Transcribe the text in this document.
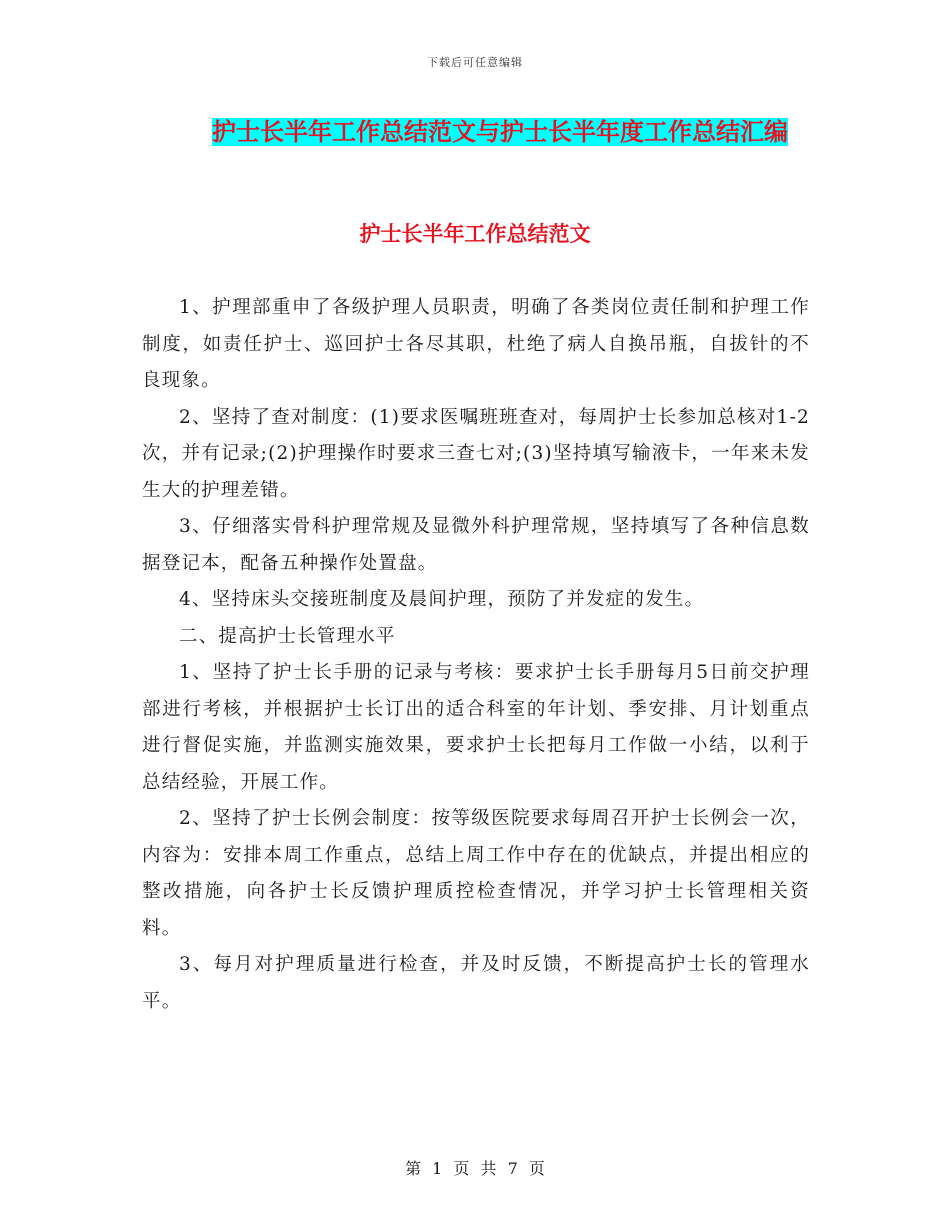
下载后可任意编辑
护士长半年工作总结范文与护士长半年度工作总结汇编
护士长半年工作总结范文

1、护理部重申了各级护理人员职责，明确了各类岗位责任制和护理工作制度，如责任护士、巡回护士各尽其职，杜绝了病人自换吊瓶，自拔针的不良现象。

2、坚持了查对制度：(1)要求医嘱班班查对，每周护士长参加总核对1-2次，并有记录;(2)护理操作时要求三查七对;(3)坚持填写输液卡，一年来未发生大的护理差错。

3、仔细落实骨科护理常规及显微外科护理常规，坚持填写了各种信息数据登记本，配备五种操作处置盘。

4、坚持床头交接班制度及晨间护理，预防了并发症的发生。

二、提高护士长管理水平

1、坚持了护士长手册的记录与考核：要求护士长手册每月5日前交护理部进行考核，并根据护士长订出的适合科室的年计划、季安排、月计划重点进行督促实施，并监测实施效果，要求护士长把每月工作做一小结，以利于总结经验，开展工作。

2、坚持了护士长例会制度：按等级医院要求每周召开护士长例会一次，内容为：安排本周工作重点，总结上周工作中存在的优缺点，并提出相应的整改措施，向各护士长反馈护理质控检查情况，并学习护士长管理相关资料。

3、每月对护理质量进行检查，并及时反馈，不断提高护士长的管理水平。

第 1 页 共 7 页
